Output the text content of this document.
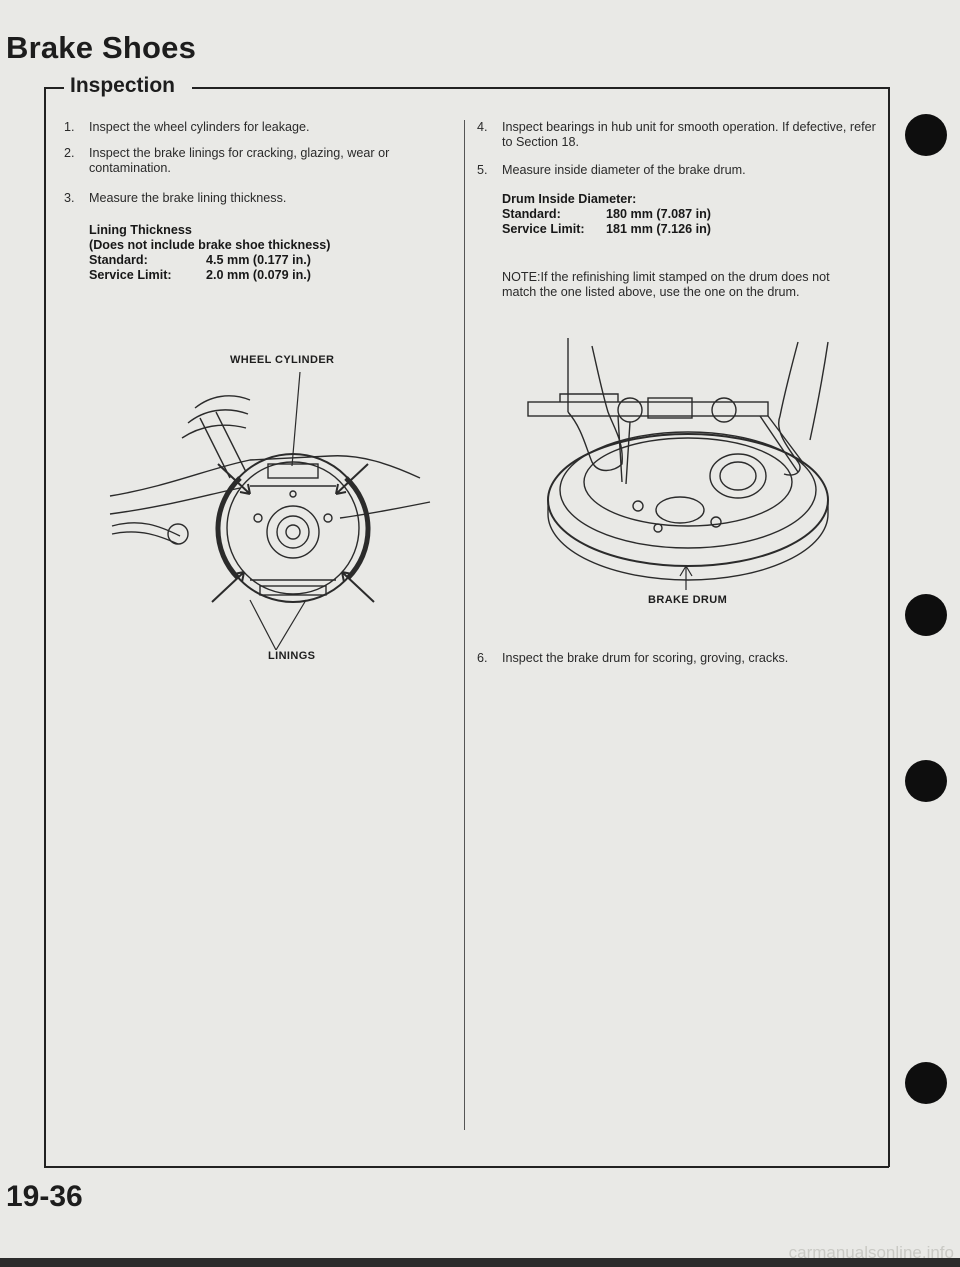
Brake Shoes
Inspection
1. Inspect the wheel cylinders for leakage.
2. Inspect the brake linings for cracking, glazing, wear or contamination.
3. Measure the brake lining thickness.
Lining Thickness
(Does not include brake shoe thickness)
Standard:	4.5 mm (0.177 in.)
Service Limit:	2.0 mm (0.079 in.)
WHEEL CYLINDER
LININGS
4. Inspect bearings in hub unit for smooth operation. If defective, refer to Section 18.
5. Measure inside diameter of the brake drum.
Drum Inside Diameter:
Standard:	180 mm (7.087 in)
Service Limit: 181 mm (7.126 in)
NOTE:If the refinishing limit stamped on the drum does not match the one listed above, use the one on the drum.
BRAKE DRUM
6. Inspect the brake drum for scoring, groving, cracks.
19-36
carmanualsonline.info
